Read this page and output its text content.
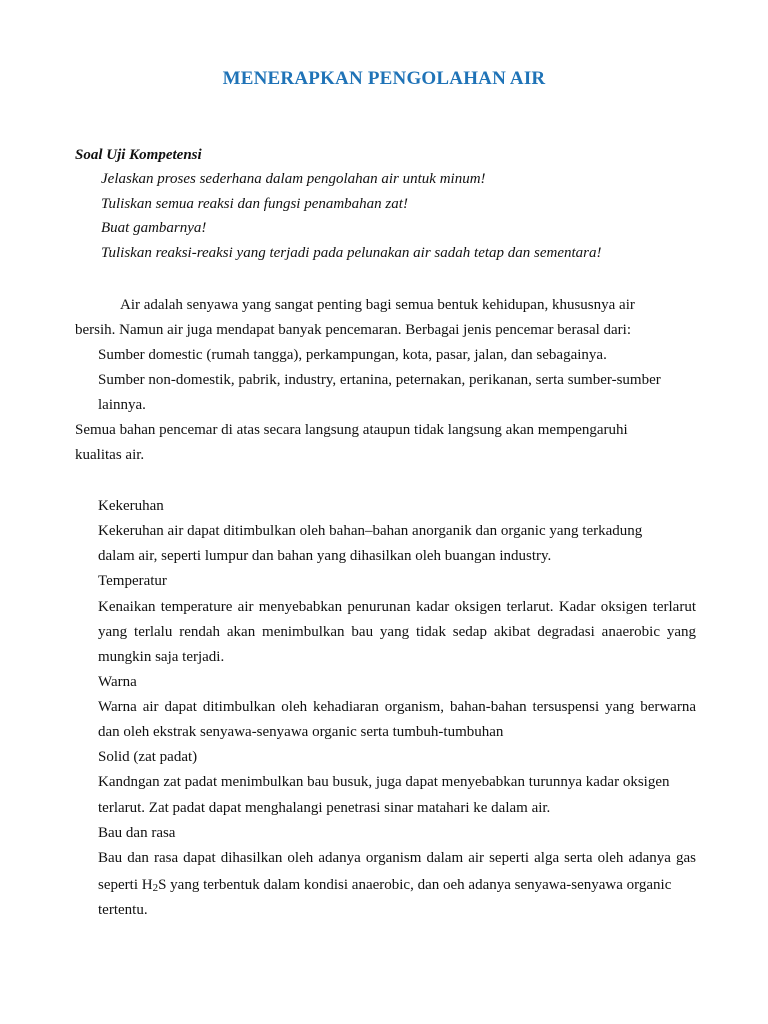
MENERAPKAN PENGOLAHAN AIR
Soal Uji Kompetensi
Jelaskan proses sederhana dalam pengolahan air untuk minum!
Tuliskan semua reaksi dan fungsi penambahan zat!
Buat gambarnya!
Tuliskan reaksi-reaksi yang terjadi pada pelunakan air sadah tetap dan sementara!
Air adalah senyawa yang sangat penting bagi semua bentuk kehidupan, khususnya air
bersih. Namun air juga mendapat banyak pencemaran. Berbagai jenis pencemar berasal dari:
Sumber domestic (rumah tangga), perkampungan, kota, pasar, jalan, dan sebagainya.
Sumber non-domestik, pabrik, industry, ertanina, peternakan, perikanan, serta sumber-sumber
lainnya.
Semua bahan pencemar di atas secara langsung ataupun tidak langsung akan mempengaruhi
kualitas air.
Kekeruhan
Kekeruhan air dapat ditimbulkan oleh bahan–bahan anorganik dan organic yang terkadung
dalam air, seperti lumpur dan bahan yang dihasilkan oleh buangan industry.
Temperatur
Kenaikan temperature air menyebabkan penurunan kadar oksigen terlarut. Kadar oksigen terlarut
yang terlalu rendah akan menimbulkan bau yang tidak sedap akibat degradasi anaerobic yang
mungkin saja terjadi.
Warna
Warna air dapat ditimbulkan oleh kehadiaran organism, bahan-bahan tersuspensi yang berwarna
dan oleh ekstrak senyawa-senyawa organic serta tumbuh-tumbuhan
Solid (zat padat)
Kandngan zat padat menimbulkan bau busuk, juga dapat menyebabkan turunnya kadar oksigen
terlarut. Zat padat dapat menghalangi penetrasi sinar matahari ke dalam air.
Bau dan rasa
Bau dan rasa dapat dihasilkan oleh adanya organism dalam air seperti alga serta oleh adanya gas
seperti $H_2S$ yang terbentuk dalam kondisi anaerobic, dan oeh adanya senyawa-senyawa organic
tertentu.
